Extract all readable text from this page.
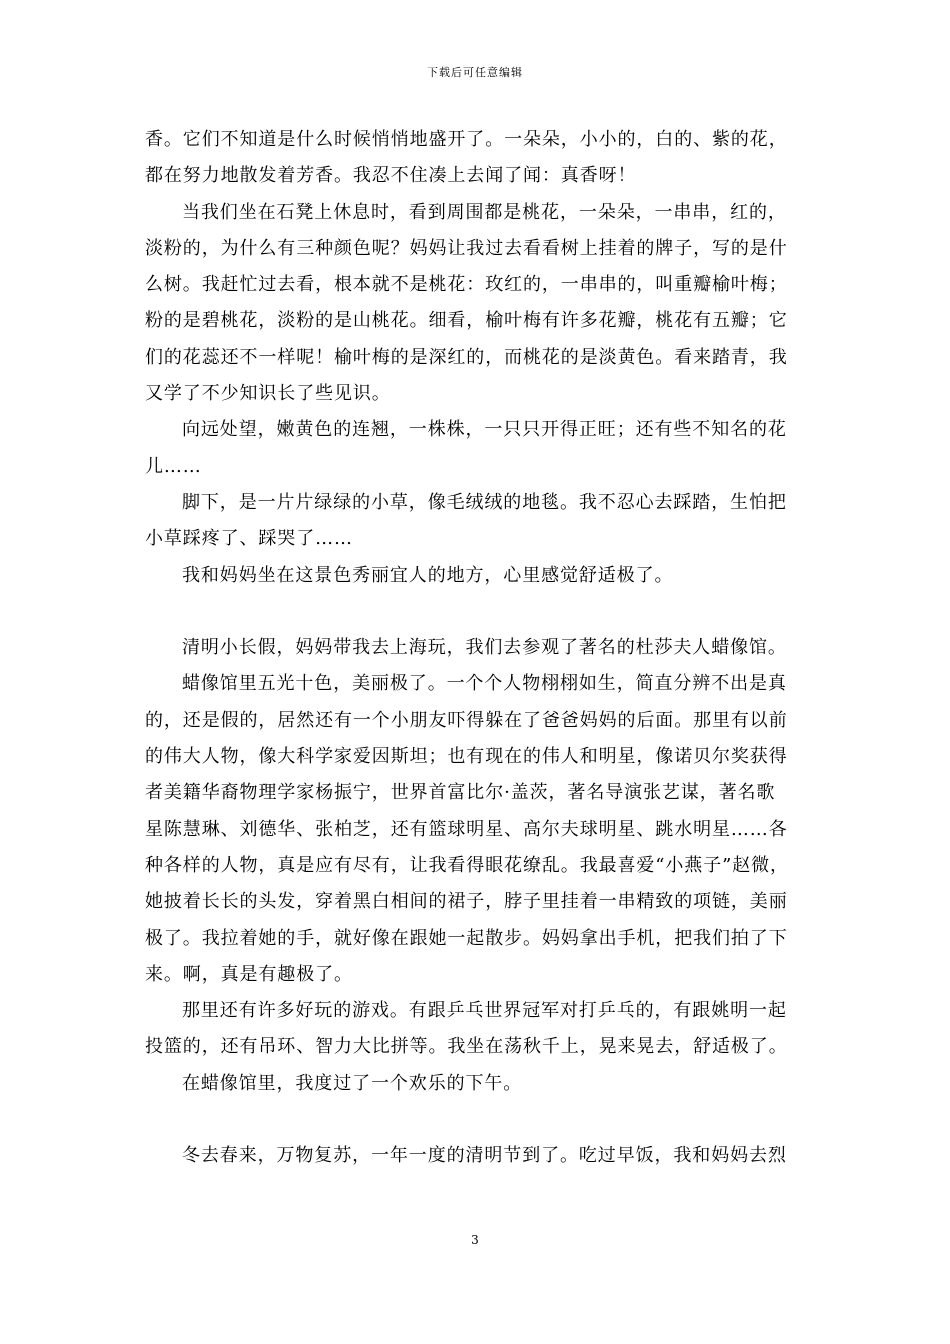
下载后可任意编辑
香。它们不知道是什么时候悄悄地盛开了。一朵朵，小小的，白的、紫的花，
都在努力地散发着芳香。我忍不住凑上去闻了闻：真香呀！
当我们坐在石凳上休息时，看到周围都是桃花，一朵朵，一串串，红的，
淡粉的，为什么有三种颜色呢？妈妈让我过去看看树上挂着的牌子，写的是什
么树。我赶忙过去看，根本就不是桃花：玫红的，一串串的，叫重瓣榆叶梅；
粉的是碧桃花，淡粉的是山桃花。细看，榆叶梅有许多花瓣，桃花有五瓣；它
们的花蕊还不一样呢！榆叶梅的是深红的，而桃花的是淡黄色。看来踏青，我
又学了不少知识长了些见识。
向远处望，嫩黄色的连翘，一株株，一只只开得正旺；还有些不知名的花
儿……
脚下，是一片片绿绿的小草，像毛绒绒的地毯。我不忍心去踩踏，生怕把
小草踩疼了、踩哭了……
我和妈妈坐在这景色秀丽宜人的地方，心里感觉舒适极了。
清明小长假，妈妈带我去上海玩，我们去参观了著名的杜莎夫人蜡像馆。
蜡像馆里五光十色，美丽极了。一个个人物栩栩如生，简直分辨不出是真
的，还是假的，居然还有一个小朋友吓得躲在了爸爸妈妈的后面。那里有以前
的伟大人物，像大科学家爱因斯坦；也有现在的伟人和明星，像诺贝尔奖获得
者美籍华裔物理学家杨振宁，世界首富比尔·盖茨，著名导演张艺谋，著名歌
星陈慧琳、刘德华、张柏芝，还有篮球明星、高尔夫球明星、跳水明星……各
种各样的人物，真是应有尽有，让我看得眼花缭乱。我最喜爱“小燕子”赵微，
她披着长长的头发，穿着黑白相间的裙子，脖子里挂着一串精致的项链，美丽
极了。我拉着她的手，就好像在跟她一起散步。妈妈拿出手机，把我们拍了下
来。啊，真是有趣极了。
那里还有许多好玩的游戏。有跟乒乓世界冠军对打乒乓的，有跟姚明一起
投篮的，还有吊环、智力大比拼等。我坐在荡秋千上，晃来晃去，舒适极了。
在蜡像馆里，我度过了一个欢乐的下午。
冬去春来，万物复苏，一年一度的清明节到了。吃过早饭，我和妈妈去烈
3
